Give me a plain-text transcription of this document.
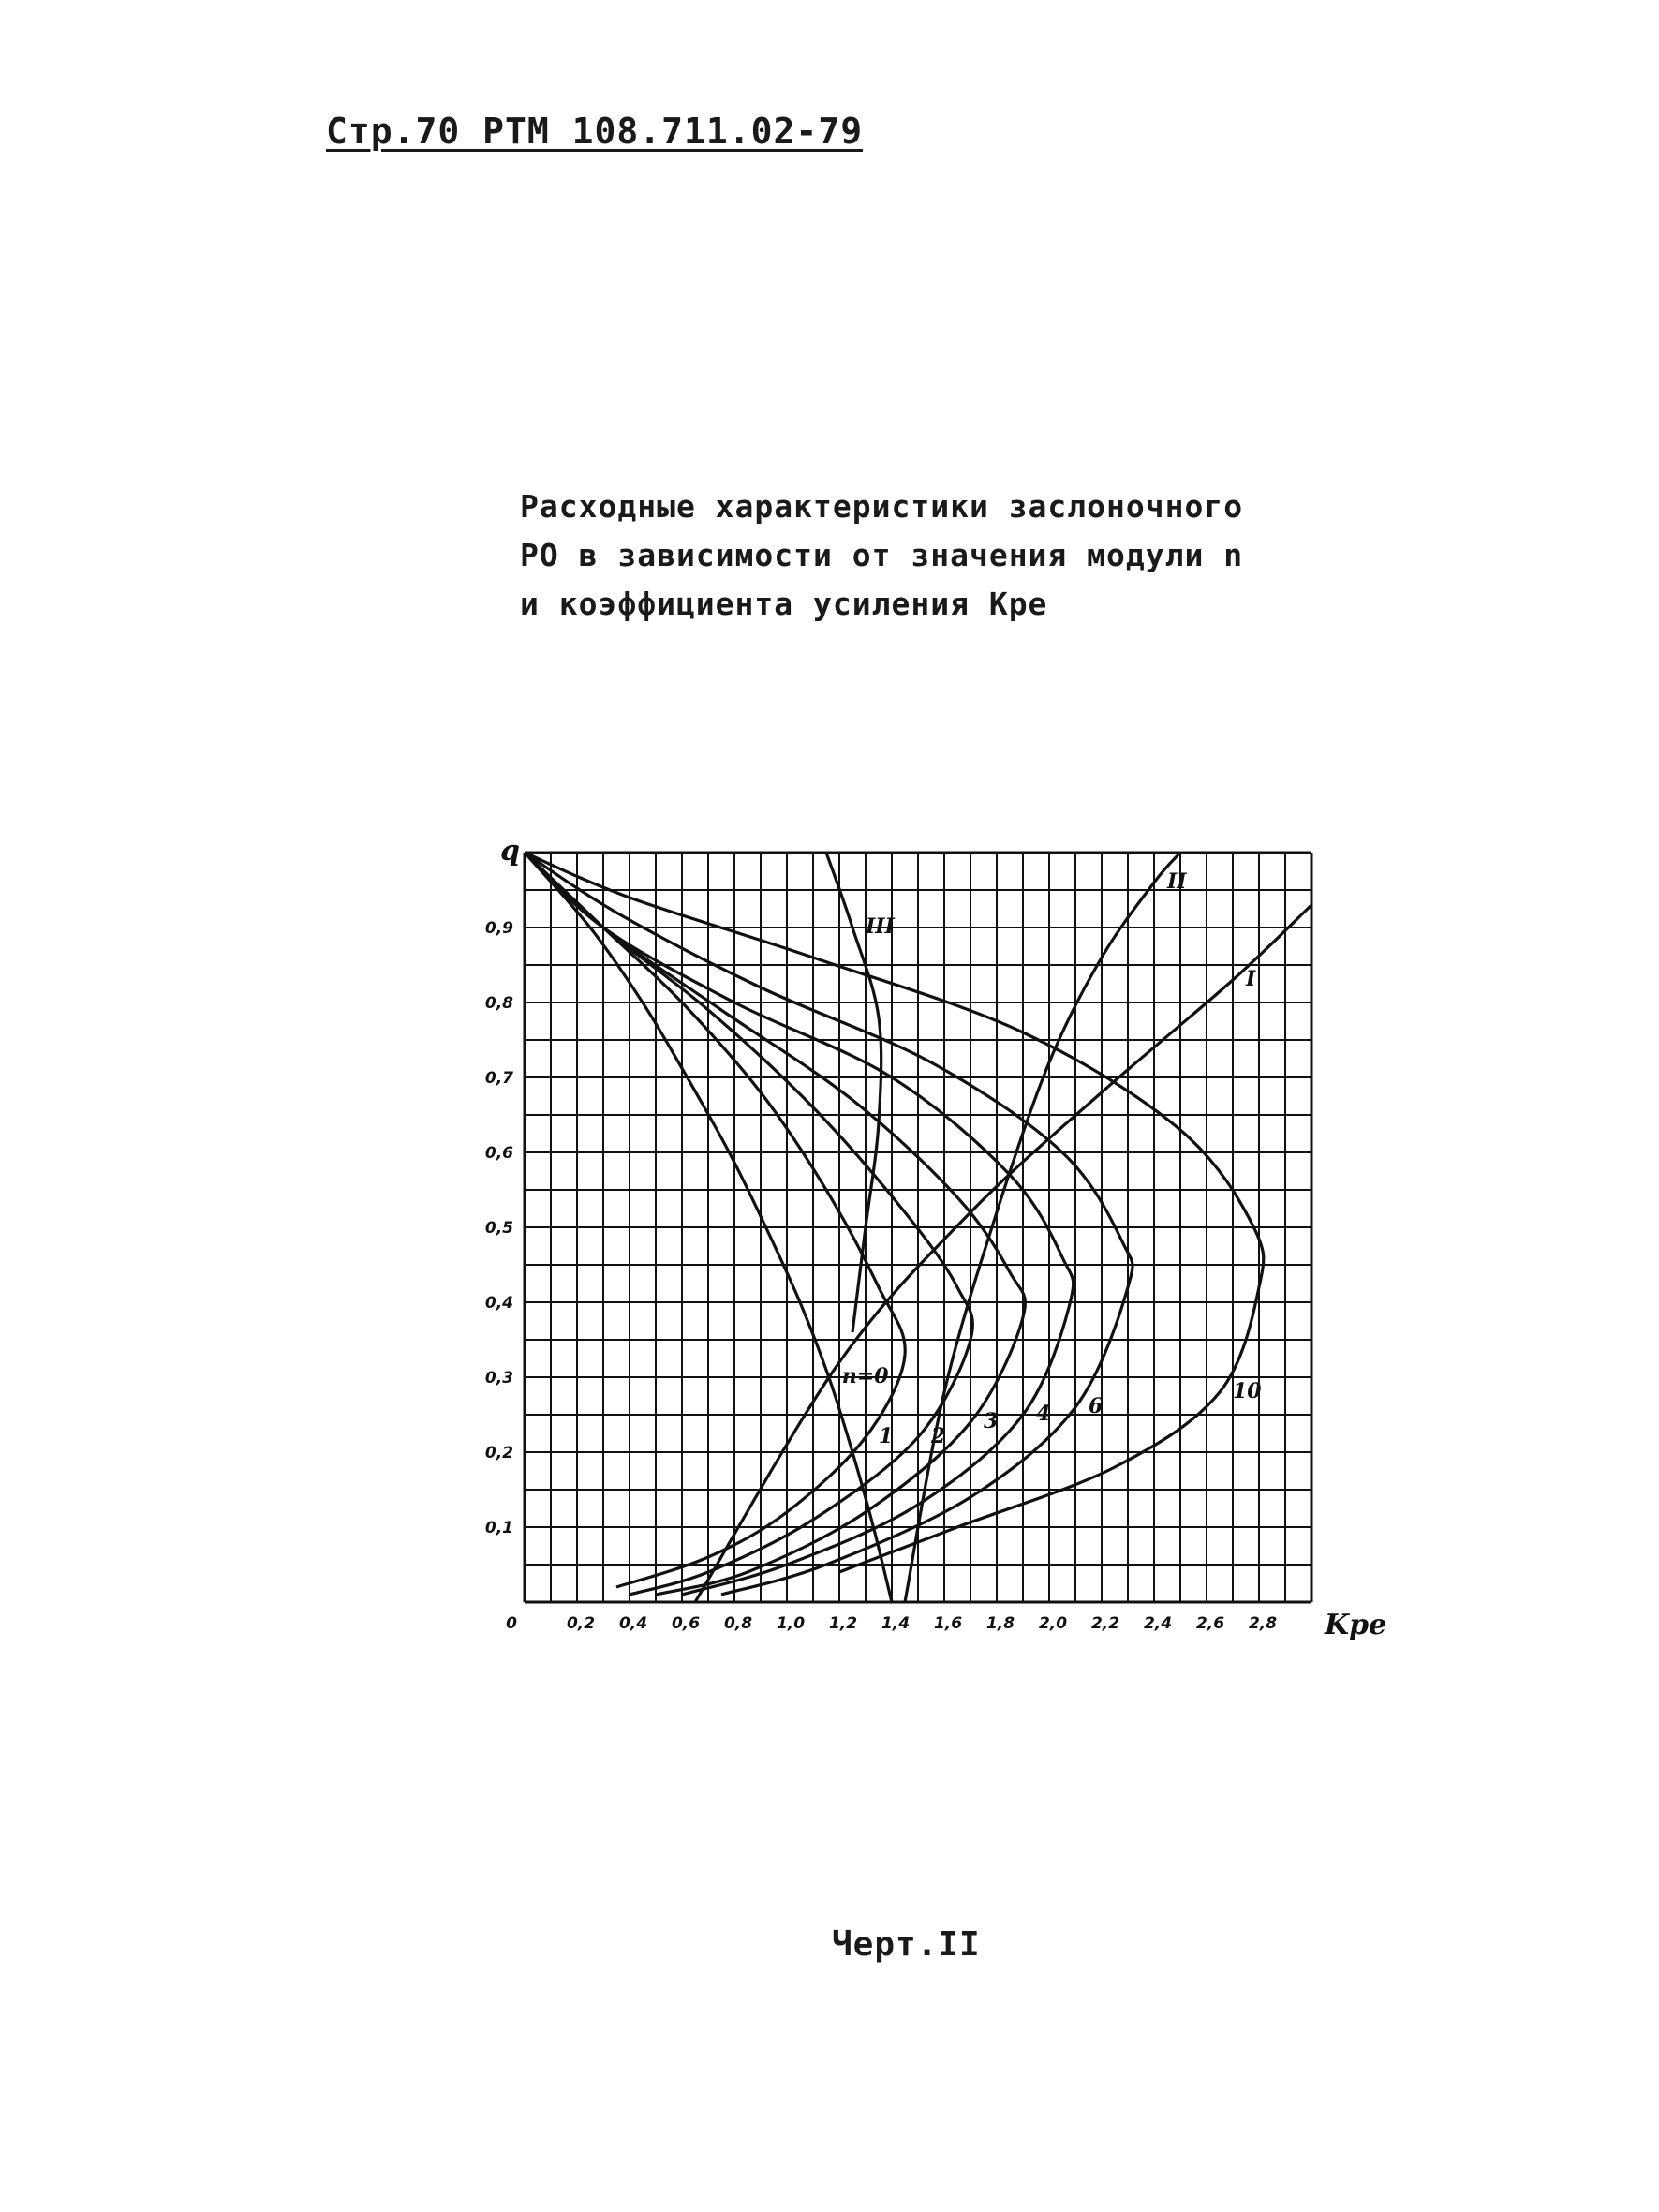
Стр.70 РТМ 108.711.02-79
Расходные характеристики заслоночного
РО в зависимости от значения модули n
и коэффициента усиления Kpe
n=0
1 2
3 4 6
10
I
II
III
0,1
0,2
0,3
0,4
0,5
0,6
0,7
0,8
0,9
0	0,2 0,4 0,6 0,8 1,0 1,2 1,4 1,6 1,8 2,0 2,2 2,4 2,6 2,8
q
Kpe
Черт.II
